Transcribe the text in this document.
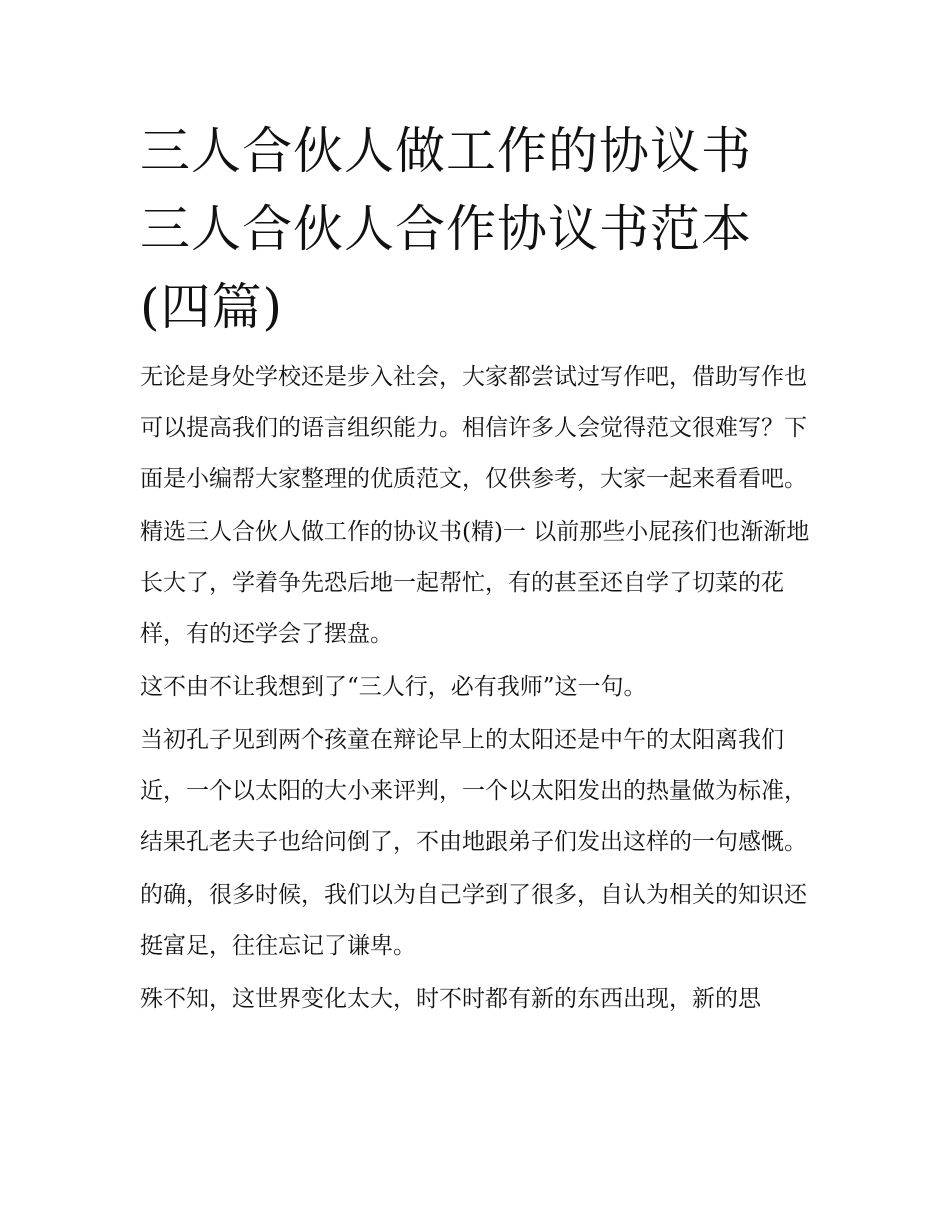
三人合伙人做工作的协议书 三人合伙人合作协议书范本(四篇)

无论是身处学校还是步入社会，大家都尝试过写作吧，借助写作也可以提高我们的语言组织能力。相信许多人会觉得范文很难写？下面是小编帮大家整理的优质范文，仅供参考，大家一起来看看吧。

精选三人合伙人做工作的协议书(精)一 以前那些小屁孩们也渐渐地长大了，学着争先恐后地一起帮忙，有的甚至还自学了切菜的花样，有的还学会了摆盘。

这不由不让我想到了“三人行，必有我师”这一句。

当初孔子见到两个孩童在辩论早上的太阳还是中午的太阳离我们近，一个以太阳的大小来评判，一个以太阳发出的热量做为标准，结果孔老夫子也给问倒了，不由地跟弟子们发出这样的一句感慨。

的确，很多时候，我们以为自己学到了很多，自认为相关的知识还挺富足，往往忘记了谦卑。

殊不知，这世界变化太大，时不时都有新的东西出现，新的思
